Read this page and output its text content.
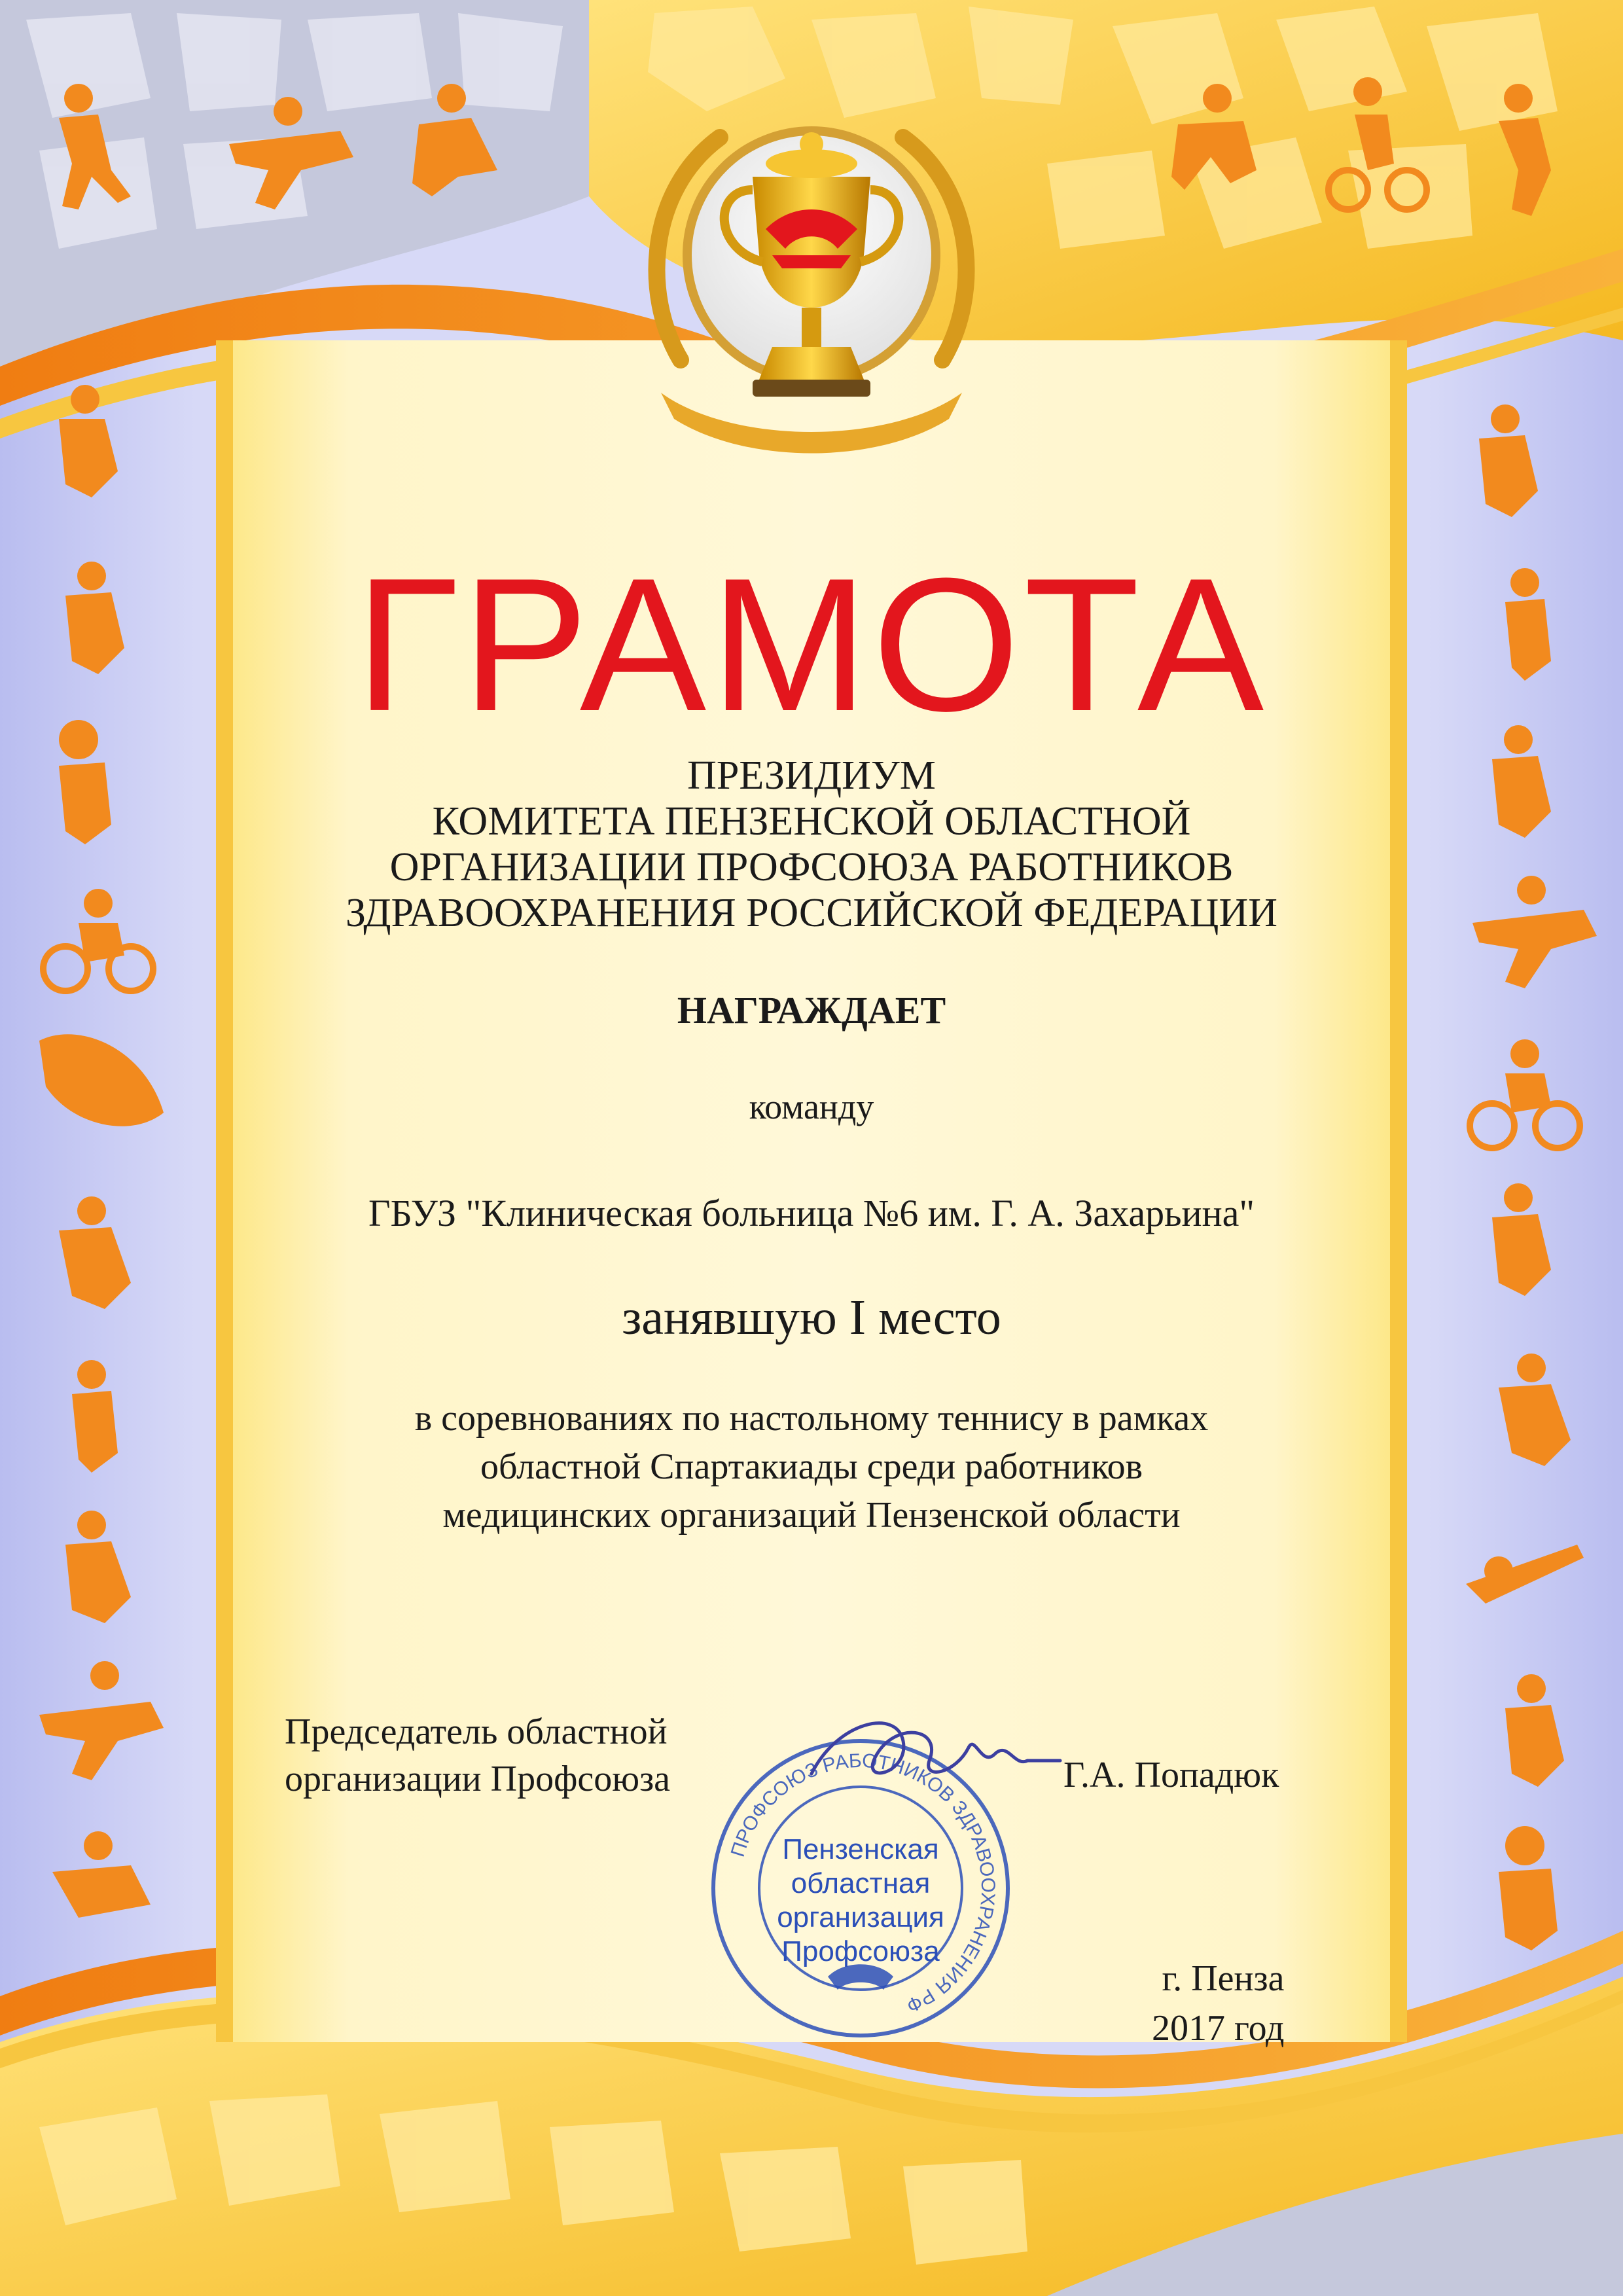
ГРАМОТА
ПРЕЗИДИУМ
КОМИТЕТА ПЕНЗЕНСКОЙ ОБЛАСТНОЙ
ОРГАНИЗАЦИИ ПРОФСОЮЗА РАБОТНИКОВ
ЗДРАВООХРАНЕНИЯ РОССИЙСКОЙ ФЕДЕРАЦИИ
НАГРАЖДАЕТ
команду
ГБУЗ "Клиническая больница №6 им. Г. А. Захарьина"
занявшую I место
в соревнованиях по настольному теннису в рамках
областной Спартакиады среди работников
медицинских организаций Пензенской области
Председатель областной
организации Профсоюза
ПРОФСОЮЗ РАБОТНИКОВ ЗДРАВООХРАНЕНИЯ РФ
Пензенская
областная
организация
Профсоюза
Г.А. Попадюк
г. Пенза
2017 год
